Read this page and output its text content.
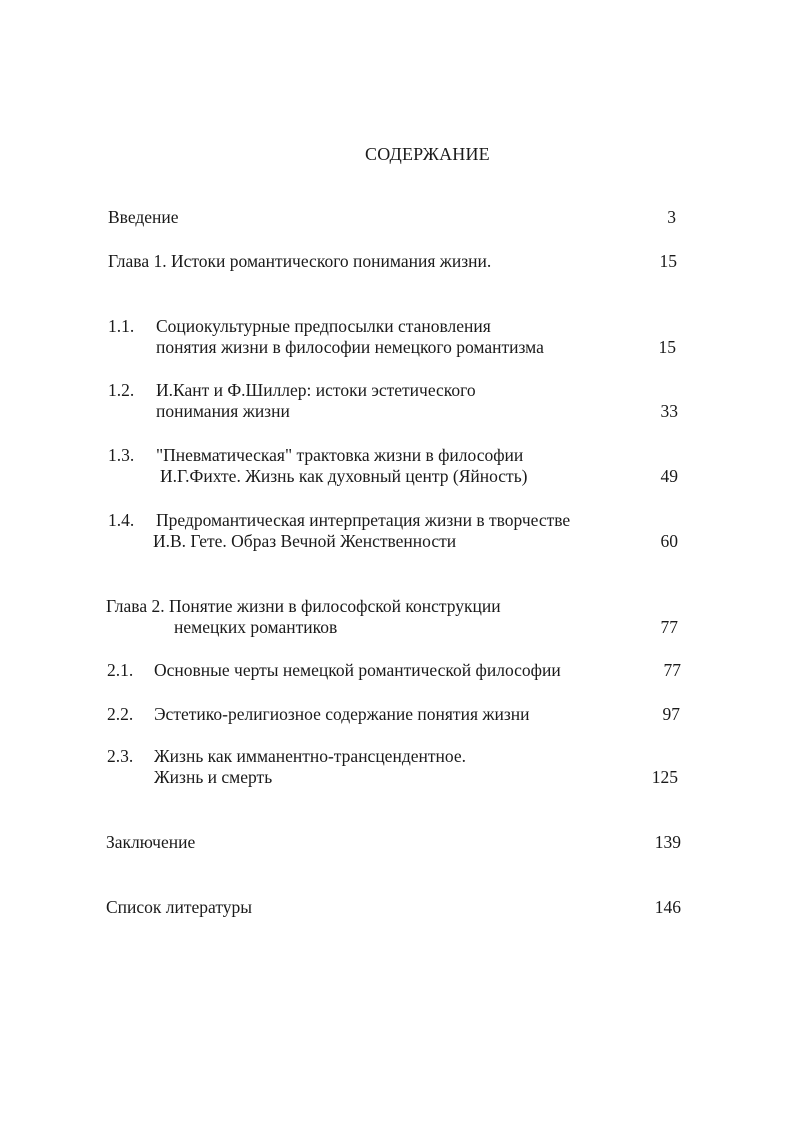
СОДЕРЖАНИЕ
Введение	3
Глава 1. Истоки романтического понимания жизни.	15
1.1. Социокультурные предпосылки становления
понятия жизни в философии немецкого романтизма	15
1.2. И.Кант и Ф.Шиллер: истоки эстетического
понимания жизни	33
1.3. "Пневматическая" трактовка жизни в философии
И.Г.Фихте. Жизнь как духовный центр (Яйность)	49
1.4. Предромантическая интерпретация жизни в творчестве
И.В. Гете. Образ Вечной Женственности	60
Глава 2. Понятие жизни в философской конструкции
немецких романтиков	77
2.1. Основные черты немецкой романтической философии	77
2.2. Эстетико-религиозное содержание понятия жизни	97
2.3. Жизнь как имманентно-трансцендентное.
Жизнь и смерть	125
Заключение	139
Список литературы	146
